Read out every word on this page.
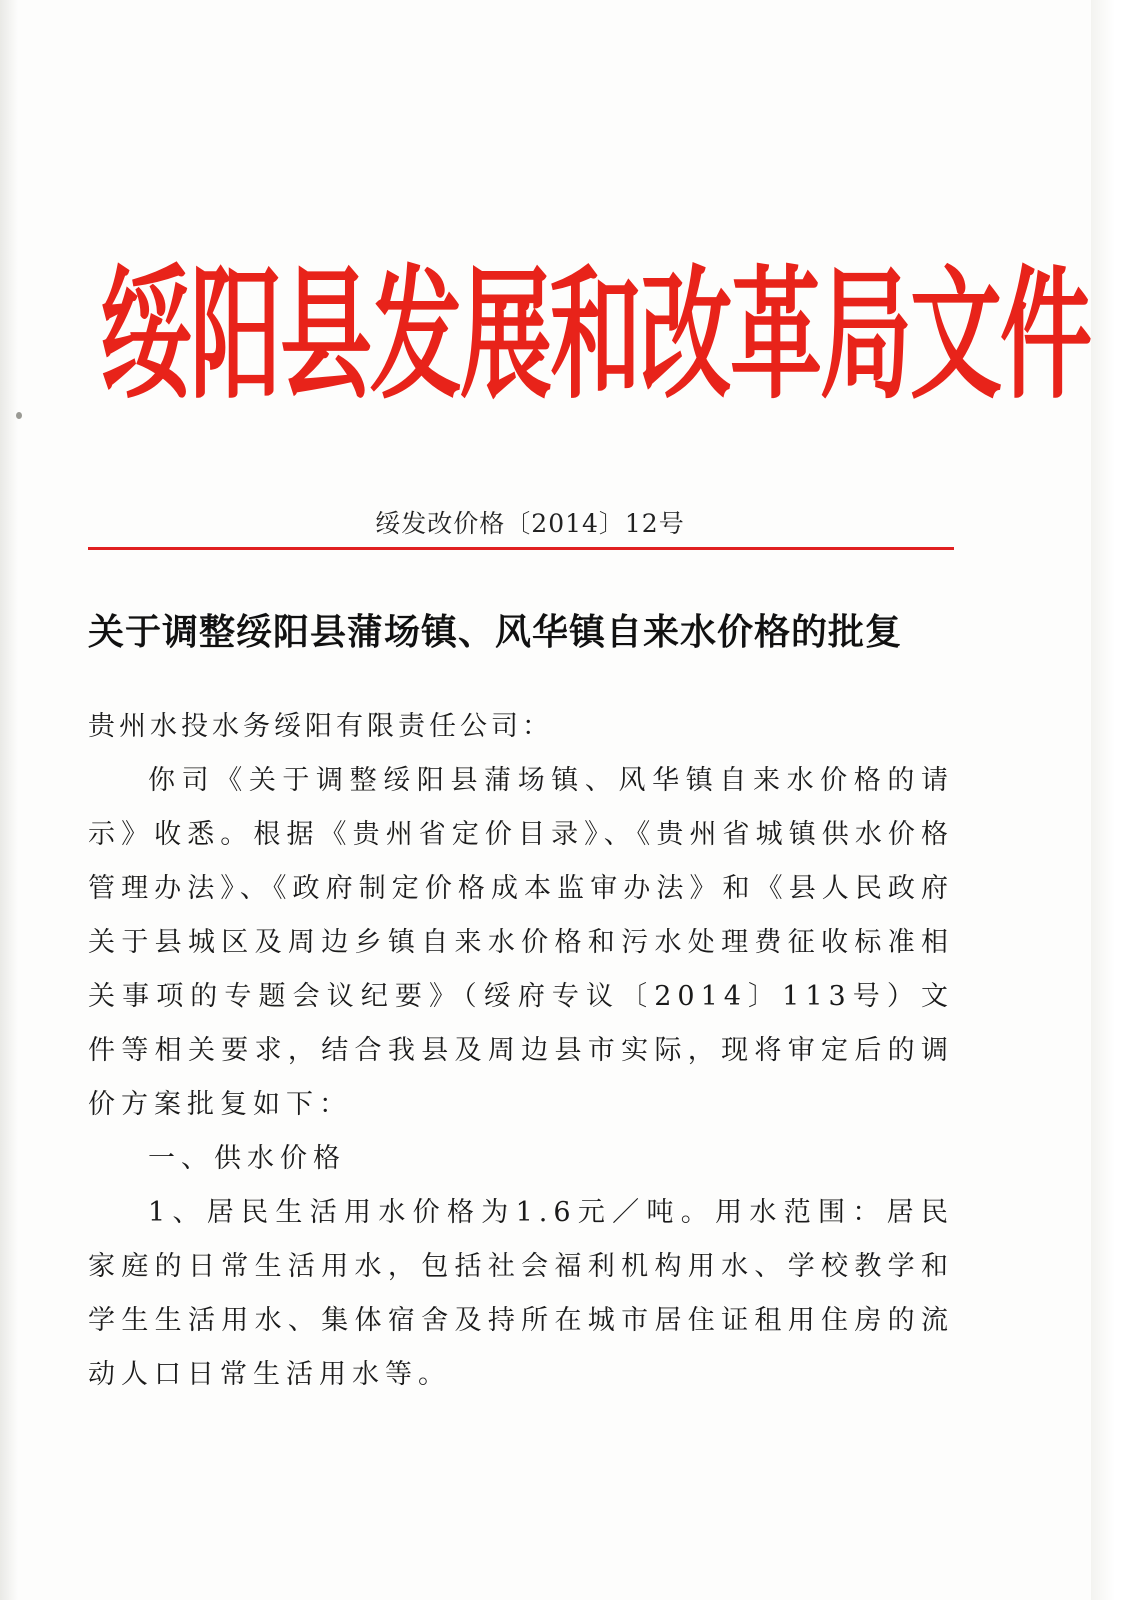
绥阳县发展和改革局文件
绥发改价格〔2014〕12号
关于调整绥阳县蒲场镇、风华镇自来水价格的批复

贵州水投水务绥阳有限责任公司：

你司《关于调整绥阳县蒲场镇、风华镇自来水价格的请示》收悉。根据《贵州省定价目录》、《贵州省城镇供水价格管理办法》、《政府制定价格成本监审办法》和《县人民政府关于县城区及周边乡镇自来水价格和污水处理费征收标准相关事项的专题会议纪要》（绥府专议〔2014〕113号）文件等相关要求，结合我县及周边县市实际，现将审定后的调价方案批复如下：

一、供水价格

1、居民生活用水价格为1.6元／吨。用水范围：居民家庭的日常生活用水，包括社会福利机构用水、学校教学和学生生活用水、集体宿舍及持所在城市居住证租用住房的流动人口日常生活用水等。
